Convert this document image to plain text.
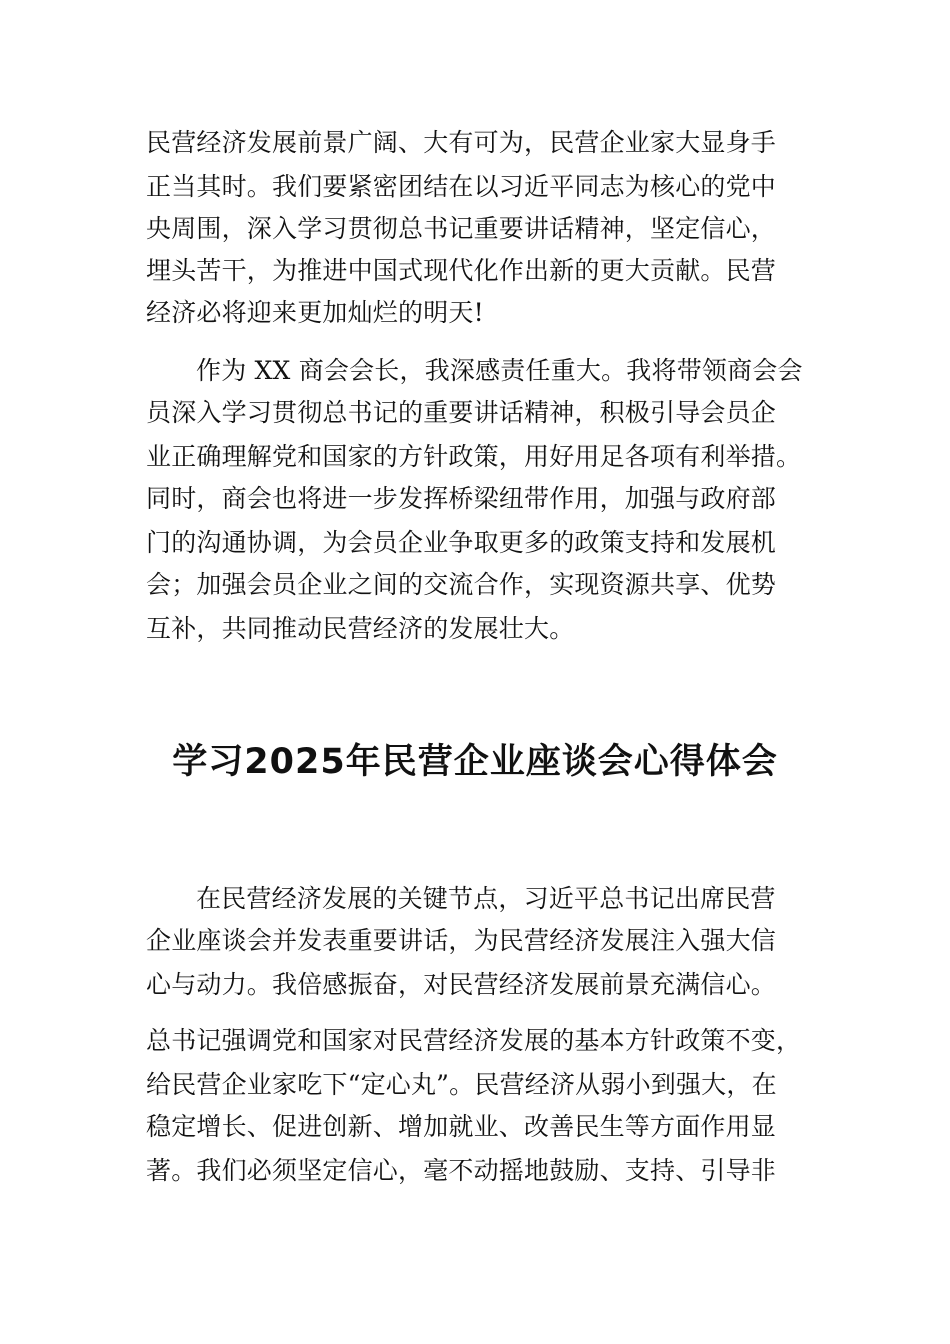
民营经济发展前景广阔、大有可为，民营企业家大显身手
正当其时。我们要紧密团结在以习近平同志为核心的党中
央周围，深入学习贯彻总书记重要讲话精神，坚定信心，
埋头苦干，为推进中国式现代化作出新的更大贡献。民营
经济必将迎来更加灿烂的明天!
作为 XX 商会会长，我深感责任重大。我将带领商会会
员深入学习贯彻总书记的重要讲话精神，积极引导会员企
业正确理解党和国家的方针政策，用好用足各项有利举措。
同时，商会也将进一步发挥桥梁纽带作用，加强与政府部
门的沟通协调，为会员企业争取更多的政策支持和发展机
会；加强会员企业之间的交流合作，实现资源共享、优势
互补，共同推动民营经济的发展壮大。
学习2025年民营企业座谈会心得体会
在民营经济发展的关键节点，习近平总书记出席民营
企业座谈会并发表重要讲话，为民营经济发展注入强大信
心与动力。我倍感振奋，对民营经济发展前景充满信心。
总书记强调党和国家对民营经济发展的基本方针政策不变，
给民营企业家吃下“定心丸”。民营经济从弱小到强大，在
稳定增长、促进创新、增加就业、改善民生等方面作用显
著。我们必须坚定信心，毫不动摇地鼓励、支持、引导非
